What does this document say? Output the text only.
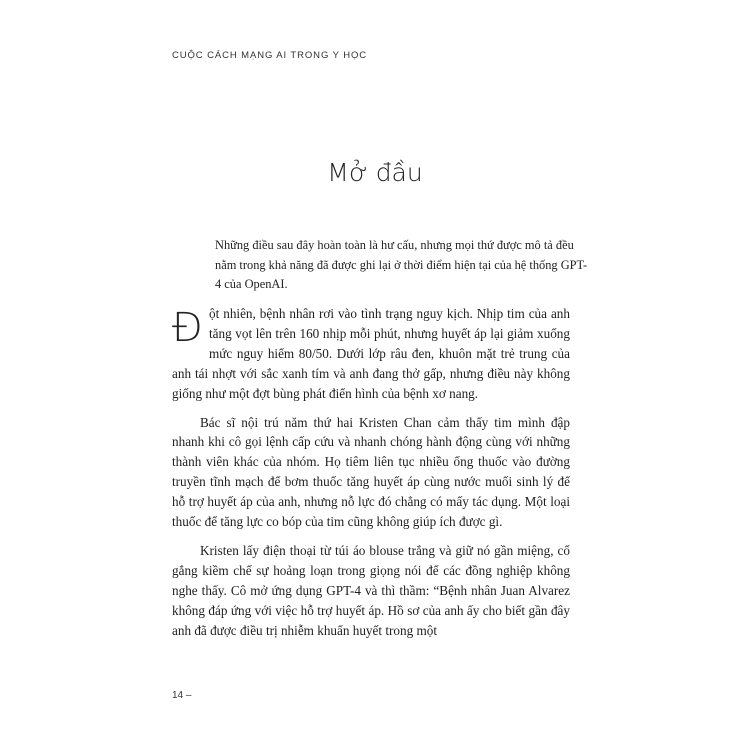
CUỘC CÁCH MẠNG AI TRONG Y HỌC
Mở đầu
Những điều sau đây hoàn toàn là hư cấu, nhưng mọi thứ được mô tả đều nằm trong khả năng đã được ghi lại ở thời điểm hiện tại của hệ thống GPT-4 của OpenAI.

Đột nhiên, bệnh nhân rơi vào tình trạng nguy kịch. Nhịp tim của anh tăng vọt lên trên 160 nhịp mỗi phút, nhưng huyết áp lại giảm xuống mức nguy hiểm 80/50. Dưới lớp râu đen, khuôn mặt trẻ trung của anh tái nhợt với sắc xanh tím và anh đang thở gấp, nhưng điều này không giống như một đợt bùng phát điển hình của bệnh xơ nang.

Bác sĩ nội trú năm thứ hai Kristen Chan cảm thấy tim mình đập nhanh khi cô gọi lệnh cấp cứu và nhanh chóng hành động cùng với những thành viên khác của nhóm. Họ tiêm liên tục nhiều ống thuốc vào đường truyền tĩnh mạch để bơm thuốc tăng huyết áp cùng nước muối sinh lý để hỗ trợ huyết áp của anh, nhưng nỗ lực đó chẳng có mấy tác dụng. Một loại thuốc để tăng lực co bóp của tim cũng không giúp ích được gì.

Kristen lấy điện thoại từ túi áo blouse trắng và giữ nó gần miệng, cố gắng kiềm chế sự hoảng loạn trong giọng nói để các đồng nghiệp không nghe thấy. Cô mở ứng dụng GPT-4 và thì thầm: “Bệnh nhân Juan Alvarez không đáp ứng với việc hỗ trợ huyết áp. Hồ sơ của anh ấy cho biết gần đây anh đã được điều trị nhiễm khuẩn huyết trong một

14 –
